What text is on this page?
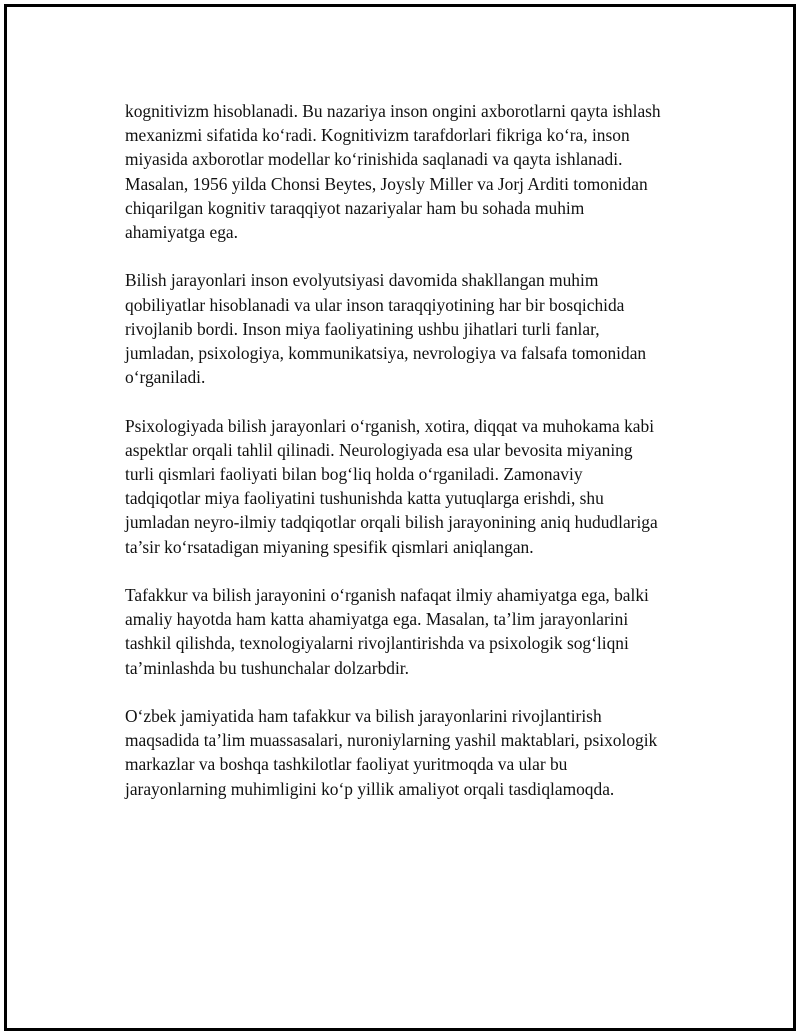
kognitivizm hisoblanadi. Bu nazariya inson ongini axborotlarni qayta ishlash
mexanizmi sifatida ko‘radi. Kognitivizm tarafdorlari fikriga ko‘ra, inson
miyasida axborotlar modellar ko‘rinishida saqlanadi va qayta ishlanadi.
Masalan, 1956 yilda Chonsi Beytes, Joysly Miller va Jorj Arditi tomonidan
chiqarilgan kognitiv taraqqiyot nazariyalar ham bu sohada muhim
ahamiyatga ega.

Bilish jarayonlari inson evolyutsiyasi davomida shakllangan muhim
qobiliyatlar hisoblanadi va ular inson taraqqiyotining har bir bosqichida
rivojlanib bordi. Inson miya faoliyatining ushbu jihatlari turli fanlar,
jumladan, psixologiya, kommunikatsiya, nevrologiya va falsafa tomonidan
o‘rganiladi.

Psixologiyada bilish jarayonlari o‘rganish, xotira, diqqat va muhokama kabi
aspektlar orqali tahlil qilinadi. Neurologiyada esa ular bevosita miyaning
turli qismlari faoliyati bilan bog‘liq holda o‘rganiladi. Zamonaviy
tadqiqotlar miya faoliyatini tushunishda katta yutuqlarga erishdi, shu
jumladan neyro-ilmiy tadqiqotlar orqali bilish jarayonining aniq hududlariga
ta’sir ko‘rsatadigan miyaning spesifik qismlari aniqlangan.

Tafakkur va bilish jarayonini o‘rganish nafaqat ilmiy ahamiyatga ega, balki
amaliy hayotda ham katta ahamiyatga ega. Masalan, ta’lim jarayonlarini
tashkil qilishda, texnologiyalarni rivojlantirishda va psixologik sog‘liqni
ta’minlashda bu tushunchalar dolzarbdir.

O‘zbek jamiyatida ham tafakkur va bilish jarayonlarini rivojlantirish
maqsadida ta’lim muassasalari, nuroniylarning yashil maktablari, psixologik
markazlar va boshqa tashkilotlar faoliyat yuritmoqda va ular bu
jarayonlarning muhimligini ko‘p yillik amaliyot orqali tasdiqlamoqda.
